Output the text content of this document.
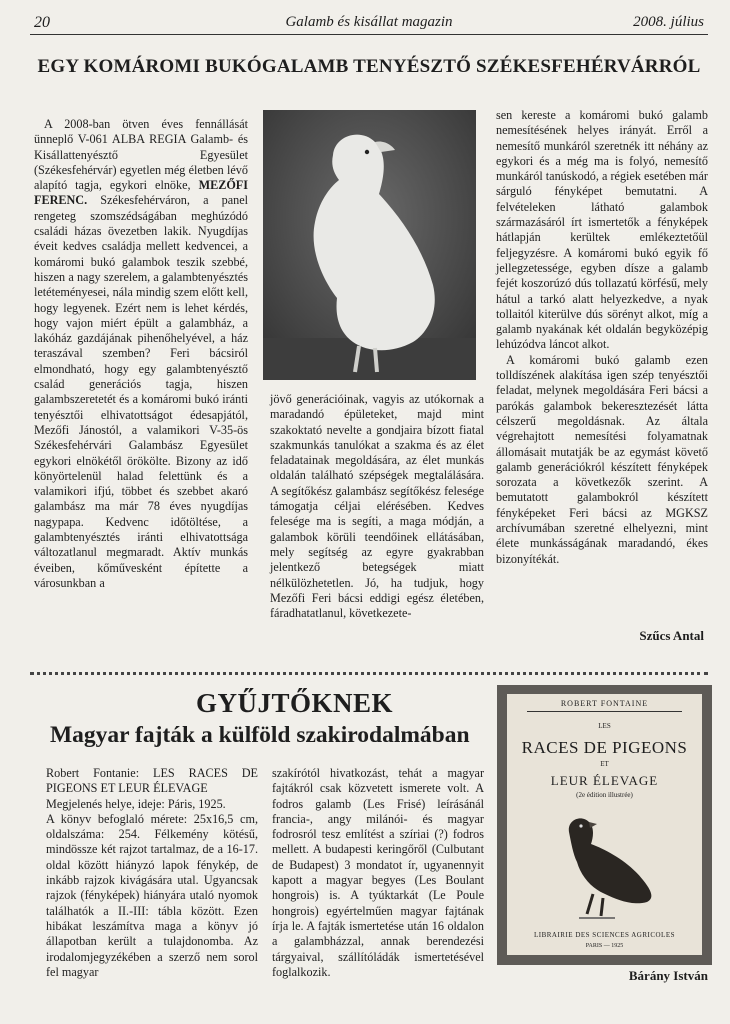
20	Galamb és kisállat magazin	2008. július
EGY KOMÁROMI BUKÓGALAMB TENYÉSZTŐ SZÉKESFEHÉRVÁRRÓL

A 2008-ban ötven éves fennállását ünneplő V-061 ALBA REGIA Galamb- és Kisállattenyésztő Egyesület (Székesfehérvár) egyetlen még életben lévő alapító tagja, egykori elnöke, MEZŐFI FERENC. Székesfehérváron, a panel rengeteg szomszédságában meghúzódó családi házas övezetben lakik. Nyugdíjas éveit kedves családja mellett kedvencei, a komáromi bukó galambok teszik szebbé, hiszen a nagy szerelem, a galambtenyésztés letéteményesei, nála mindig szem előtt kell, hogy legyenek. Ezért nem is lehet kérdés, hogy vajon miért épült a galambház, a lakóház gazdájának pihenőhelyével, a ház teraszával szemben? Feri bácsiról elmondható, hogy egy galambtenyésztő család generációs tagja, hiszen galambszeretetét és a komáromi bukó iránti tenyésztői elhivatottságot édesapjától, Mezőfi Jánostól, a valamikori V-35-ös Székesfehérvári Galambász Egyesület egykori elnökétől örökölte. Bizony az idő könyörtelenül halad felettünk és a valamikori ifjú, többet és szebbet akaró galambász ma már 78 éves nyugdíjas nagypapa. Kedvenc időtöltése, a galambtenyésztés iránti elhivatottsága változatlanul megmaradt. Aktív munkás éveiben, kőművesként építette a városunkban a

jövő generációinak, vagyis az utókornak a maradandó épületeket, majd mint szakoktató nevelte a gondjaira bízott fiatal szakmunkás tanulókat a szakma és az élet feladatainak megoldására, az élet munkás oldalán található szépségek megtalálására. A segítőkész galambász segítőkész felesége támogatja céljai elérésében. Kedves felesége ma is segíti, a maga módján, a galambok körüli teendőinek ellátásában, mely segítség az egyre gyakrabban jelentkező betegségek miatt nélkülözhetetlen. Jó, ha tudjuk, hogy Mezőfi Feri bácsi eddigi egész életében, fáradhatatlanul, következete-

sen kereste a komáromi bukó galamb nemesítésének helyes irányát. Erről a nemesítő munkáról szeretnék itt néhány az egykori és a még ma is folyó, nemesítő munkáról tanúskodó, a régiek esetében már sárguló fényképet bemutatni. A felvételeken látható galambok származásáról írt ismertetők a fényképek hátlapján kerültek emlékeztetőül feljegyzésre. A komáromi bukó egyik fő jellegzetessége, egyben dísze a galamb fejét koszorúzó dús tollazatú körfésű, mely hátul a tarkó alatt helyezkedve, a nyak tollaitól kiterülve dús sörényt alkot, míg a galamb nyakának két oldalán begyközépig lehúzódva láncot alkot.

A komáromi bukó galamb ezen tolldíszének alakítása igen szép tenyésztői feladat, melynek megoldására Feri bácsi a parókás galambok bekeresztezését látta célszerű megoldásnak. Az általa végrehajtott nemesítési folyamatnak állomásait mutatják be az egymást követő galamb generációkról készített fényképek sorozata a következők szerint. A bemutatott galambokról készített fényképeket Feri bácsi az MGKSZ archívumában szeretné elhelyezni, mint élete munkásságának maradandó, ékes bizonyítékát.

Szűcs Antal
GYŰJTŐKNEK
Magyar fajták a külföld szakirodalmában

Robert Fontanie: LES RACES DE PIGEONS ET LEUR ÉLEVAGE

Megjelenés helye, ideje: Páris, 1925.

A könyv befoglaló mérete: 25x16,5 cm, oldalszáma: 254. Félkemény kötésű, mindössze két rajzot tartalmaz, de a 16-17. oldal között hiányzó lapok fénykép, de inkább rajzok kivágására utal. Ugyancsak rajzok (fényképek) hiányára utaló nyomok találhatók a II.-III: tábla között. Ezen hibákat leszámítva maga a könyv jó állapotban került a tulajdonomba. Az irodalomjegyzékében a szerző nem sorol fel magyar

szakírótól hivatkozást, tehát a magyar fajtákról csak közvetett ismerete volt. A fodros galamb (Les Frisé) leírásánál francia-, angy milánói- és magyar fodrosról tesz említést a szíriai (?) fodros mellett. A budapesti keringőről (Culbutant de Budapest) 3 mondatot ír, ugyanennyit kapott a magyar begyes (Les Boulant hongrois) is. A tyúktarkát (Le Poule hongrois) egyértelműen magyar fajtának írja le. A fajták ismertetése után 16 oldalon a galambházzal, annak berendezési tárgyaival, szállítóládák ismertetésével foglalkozik.

ROBERT FONTAINE
LES
RACES DE PIGEONS
ET
LEUR ÉLEVAGE
(2e édition illustrée)
LIBRAIRIE DES SCIENCES AGRICOLES
PARIS — 1925
Bárány István
